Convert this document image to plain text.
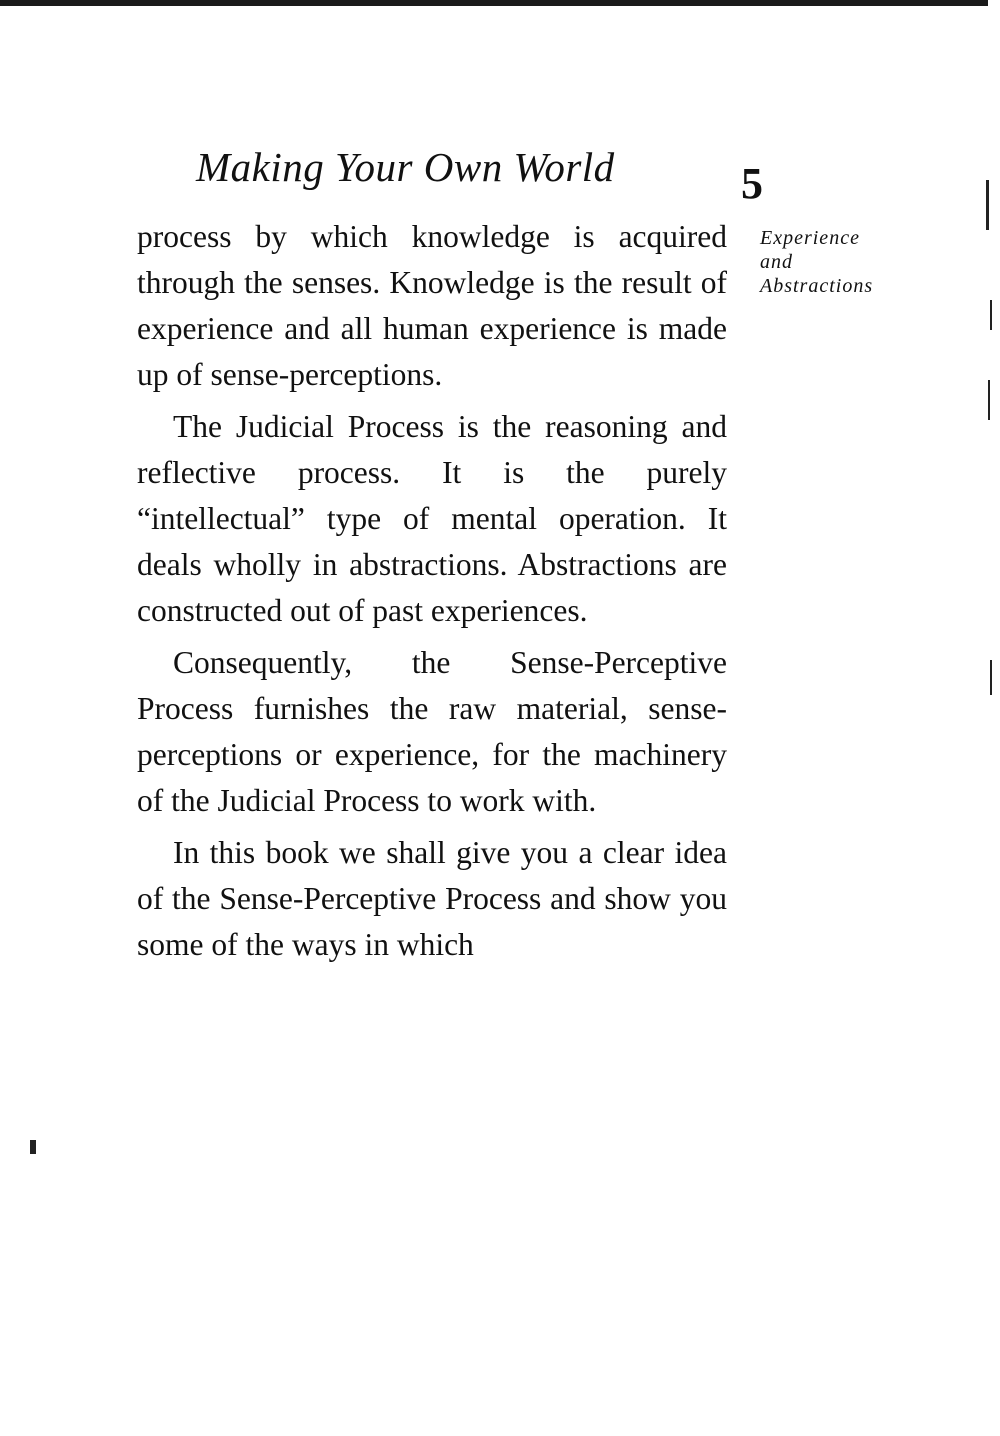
Making Your Own World	5
Experience
and
Abstractions

process by which knowledge is acquired through the senses. Knowledge is the result of experience and all human experience is made up of sense-perceptions.

The Judicial Process is the reasoning and reflective process. It is the purely “intellectual” type of mental operation. It deals wholly in abstractions. Abstractions are constructed out of past experiences.

Consequently, the Sense-Perceptive Process furnishes the raw material, sense-perceptions or experience, for the machinery of the Judicial Process to work with.

In this book we shall give you a clear idea of the Sense-Perceptive Process and show you some of the ways in which
